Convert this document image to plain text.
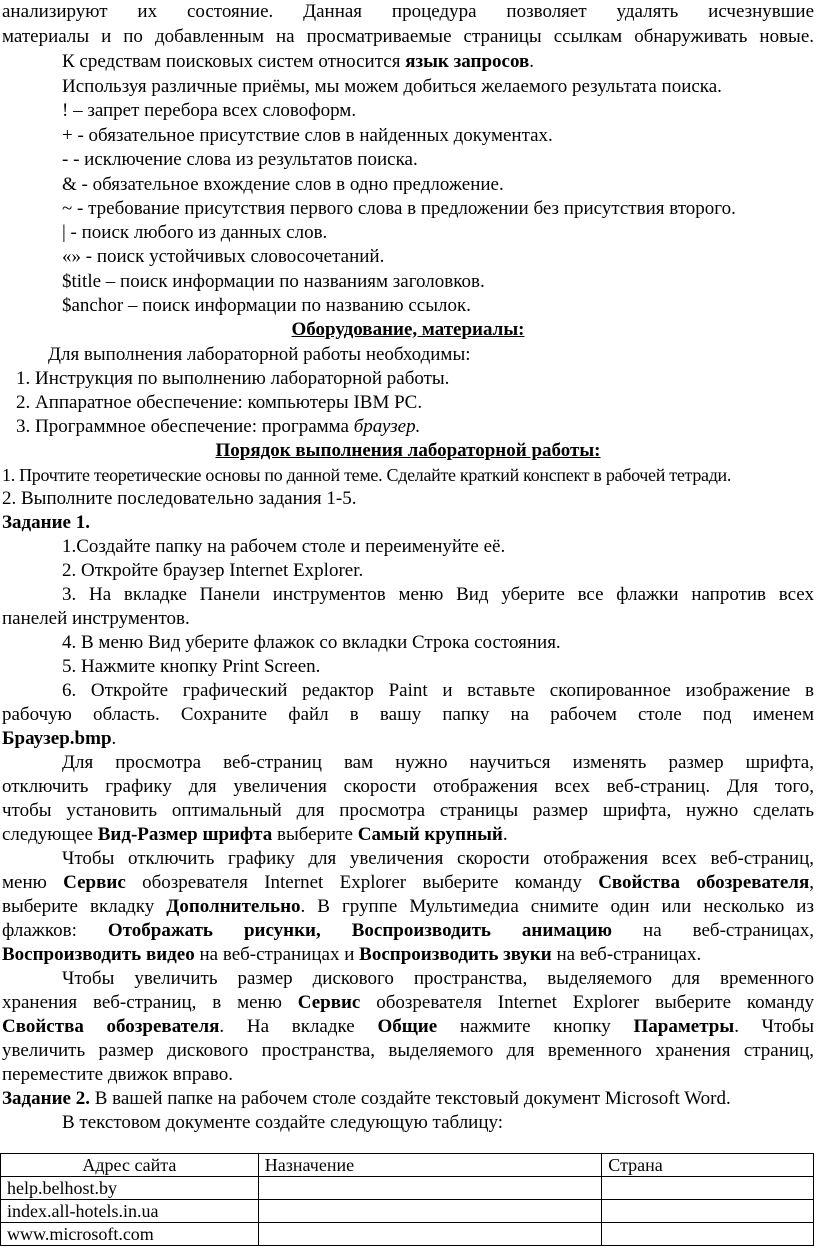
анализируют их состояние. Данная процедура позволяет удалять исчезнувшие
материалы и по добавленным на просматриваемые страницы ссылкам обнаруживать новые.
К средствам поисковых систем относится язык запросов.
Используя различные приёмы, мы можем добиться желаемого результата поиска.
! – запрет перебора всех словоформ.
+ - обязательное присутствие слов в найденных документах.
- - исключение слова из результатов поиска.
& - обязательное вхождение слов в одно предложение.
~ - требование присутствия первого слова в предложении без присутствия второго.
| - поиск любого из данных слов.
«» - поиск устойчивых словосочетаний.
$title – поиск информации по названиям заголовков.
$anchor – поиск информации по названию ссылок.
Оборудование, материалы:
Для выполнения лабораторной работы необходимы:
1. Инструкция по выполнению лабораторной работы.
2. Аппаратное обеспечение: компьютеры IBM PC.
3. Программное обеспечение: программа браузер.
Порядок выполнения лабораторной работы:
1. Прочтите теоретические основы по данной теме. Сделайте краткий конспект в рабочей тетради.
2. Выполните последовательно задания 1-5.
Задание 1.
1.Создайте папку на рабочем столе и переименуйте её.
2. Откройте браузер Internet Explorer.
3. На вкладке Панели инструментов меню Вид уберите все флажки напротив всех
панелей инструментов.
4. В меню Вид уберите флажок со вкладки Строка состояния.
5. Нажмите кнопку Print Screen.
6. Откройте графический редактор Paint и вставьте скопированное изображение в
рабочую область. Сохраните файл в вашу папку на рабочем столе под именем
Браузер.bmp.
Для просмотра веб-страниц вам нужно научиться изменять размер шрифта,
отключить графику для увеличения скорости отображения всех веб-страниц. Для того,
чтобы установить оптимальный для просмотра страницы размер шрифта, нужно сделать
следующее Вид-Размер шрифта выберите Самый крупный.
Чтобы отключить графику для увеличения скорости отображения всех веб-страниц,
меню Сервис обозревателя Internet Explorer выберите команду Свойства обозревателя,
выберите вкладку Дополнительно. В группе Мультимедиа снимите один или несколько из
флажков: Отображать рисунки, Воспроизводить анимацию на веб-страницах,
Воспроизводить видео на веб-страницах и Воспроизводить звуки на веб-страницах.
Чтобы увеличить размер дискового пространства, выделяемого для временного
хранения веб-страниц, в меню Сервис обозревателя Internet Explorer выберите команду
Свойства обозревателя. На вкладке Общие нажмите кнопку Параметры. Чтобы
увеличить размер дискового пространства, выделяемого для временного хранения страниц,
переместите движок вправо.
Задание 2. В вашей папке на рабочем столе создайте текстовый документ Microsoft Word.
В текстовом документе создайте следующую таблицу:
Адрес сайта	Назначение	Страна
help.belhost.by		
index.all-hotels.in.ua		
www.microsoft.com		
